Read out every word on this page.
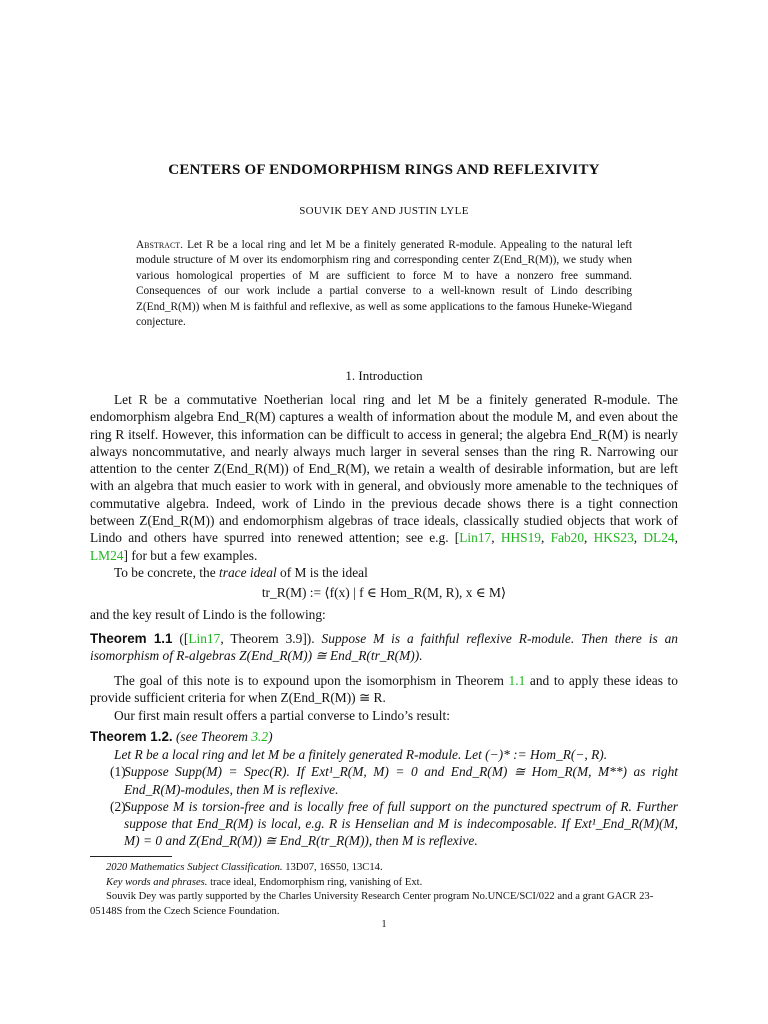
CENTERS OF ENDOMORPHISM RINGS AND REFLEXIVITY
SOUVIK DEY AND JUSTIN LYLE
Abstract. Let R be a local ring and let M be a finitely generated R-module. Appealing to the natural left module structure of M over its endomorphism ring and corresponding center Z(End_R(M)), we study when various homological properties of M are sufficient to force M to have a nonzero free summand. Consequences of our work include a partial converse to a well-known result of Lindo describing Z(End_R(M)) when M is faithful and reflexive, as well as some applications to the famous Huneke-Wiegand conjecture.
1. Introduction
Let R be a commutative Noetherian local ring and let M be a finitely generated R-module. The endomorphism algebra End_R(M) captures a wealth of information about the module M, and even about the ring R itself. However, this information can be difficult to access in general; the algebra End_R(M) is nearly always noncommutative, and nearly always much larger in several senses than the ring R. Narrowing our attention to the center Z(End_R(M)) of End_R(M), we retain a wealth of desirable information, but are left with an algebra that much easier to work with in general, and obviously more amenable to the techniques of commutative algebra. Indeed, work of Lindo in the previous decade shows there is a tight connection between Z(End_R(M)) and endomorphism algebras of trace ideals, classically studied objects that work of Lindo and others have spurred into renewed attention; see e.g. [Lin17, HHS19, Fab20, HKS23, DL24, LM24] for but a few examples.
To be concrete, the trace ideal of M is the ideal
tr_R(M) := ⟨f(x) | f ∈ Hom_R(M, R), x ∈ M⟩
and the key result of Lindo is the following:
Theorem 1.1 ([Lin17, Theorem 3.9]). Suppose M is a faithful reflexive R-module. Then there is an isomorphism of R-algebras Z(End_R(M)) ≅ End_R(tr_R(M)).
The goal of this note is to expound upon the isomorphism in Theorem 1.1 and to apply these ideas to provide sufficient criteria for when Z(End_R(M)) ≅ R.
Our first main result offers a partial converse to Lindo’s result:
Theorem 1.2. (see Theorem 3.2)
Let R be a local ring and let M be a finitely generated R-module. Let (−)* := Hom_R(−, R).
(1)
Suppose Supp(M) = Spec(R). If Ext¹_R(M, M) = 0 and End_R(M) ≅ Hom_R(M, M**) as right End_R(M)-modules, then M is reflexive.
(2)
Suppose M is torsion-free and is locally free of full support on the punctured spectrum of R. Further suppose that End_R(M) is local, e.g. R is Henselian and M is indecomposable. If Ext¹_End_R(M)(M, M) = 0 and Z(End_R(M)) ≅ End_R(tr_R(M)), then M is reflexive.
2020 Mathematics Subject Classification. 13D07, 16S50, 13C14.
Key words and phrases. trace ideal, Endomorphism ring, vanishing of Ext.
Souvik Dey was partly supported by the Charles University Research Center program No.UNCE/SCI/022 and a grant GACR 23-05148S from the Czech Science Foundation.
1
